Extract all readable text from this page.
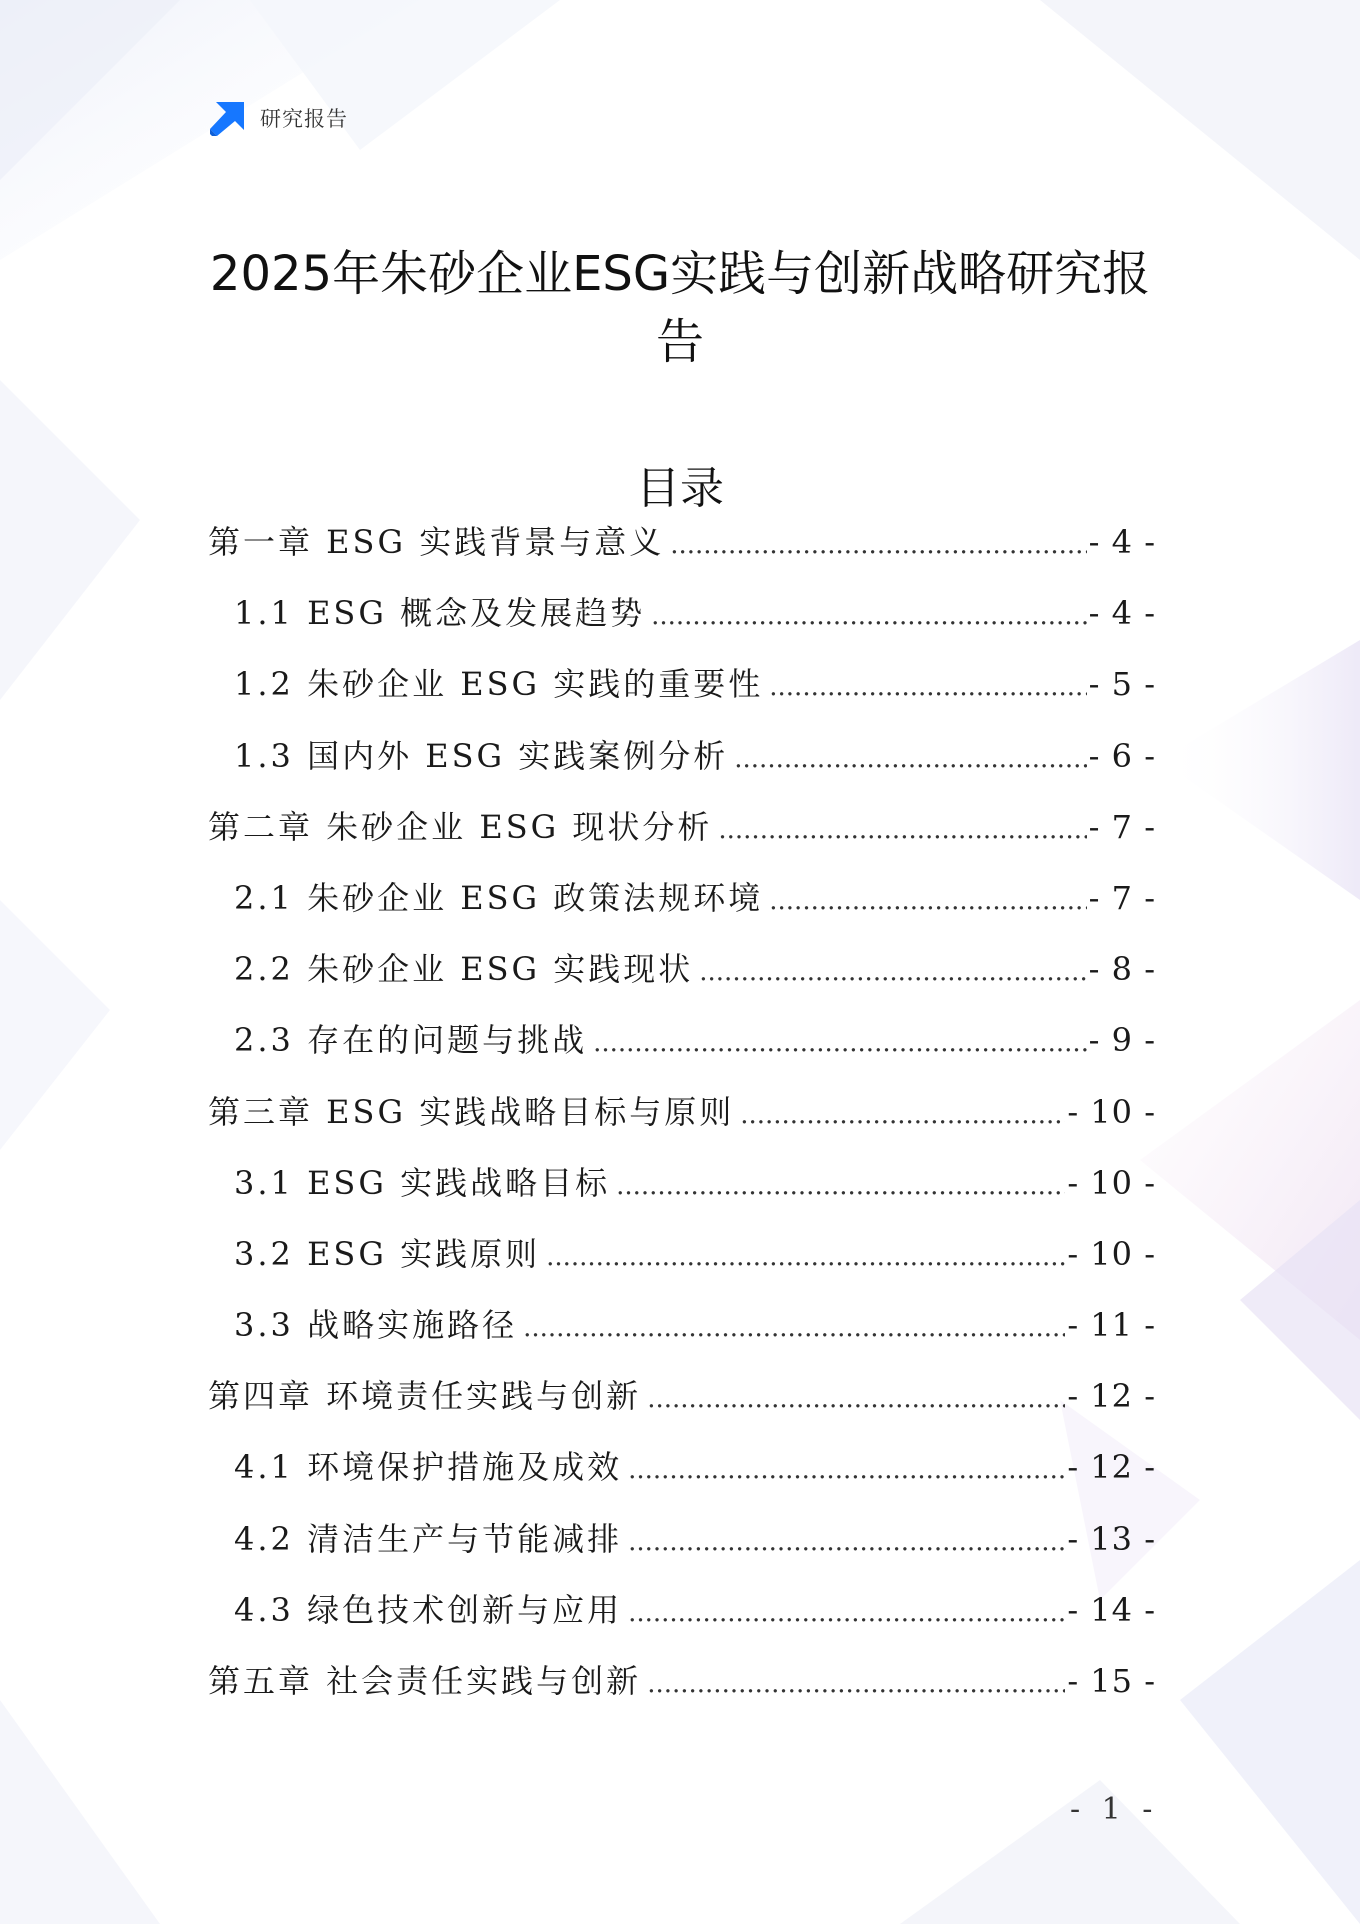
研究报告
2025年朱砂企业ESG实践与创新战略研究报告
目录
第一章 ESG 实践背景与意义 .....	- 4 -
1.1 ESG 概念及发展趋势 .....	- 4 -
1.2 朱砂企业 ESG 实践的重要性 .....	- 5 -
1.3 国内外 ESG 实践案例分析 .....	- 6 -
第二章 朱砂企业 ESG 现状分析 .....	- 7 -
2.1 朱砂企业 ESG 政策法规环境 .....	- 7 -
2.2 朱砂企业 ESG 实践现状 .....	- 8 -
2.3 存在的问题与挑战 .....	- 9 -
第三章 ESG 实践战略目标与原则 .....	- 10 -
3.1 ESG 实践战略目标 .....	- 10 -
3.2 ESG 实践原则 .....	- 10 -
3.3 战略实施路径 .....	- 11 -
第四章 环境责任实践与创新 .....	- 12 -
4.1 环境保护措施及成效 .....	- 12 -
4.2 清洁生产与节能减排 .....	- 13 -
4.3 绿色技术创新与应用 .....	- 14 -
第五章 社会责任实践与创新 .....	- 15 -
- 1 -
